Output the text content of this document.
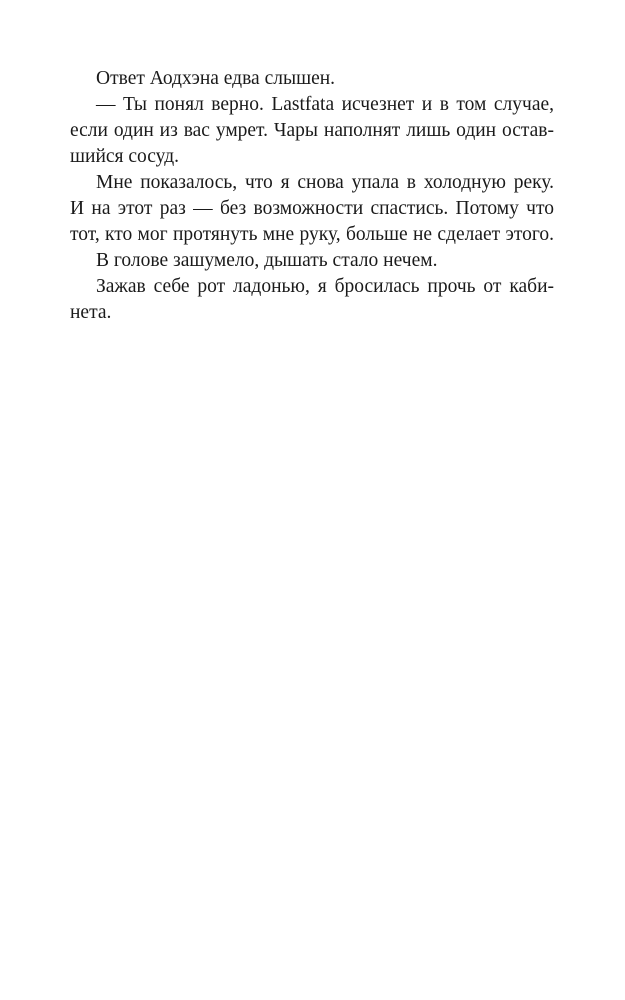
Ответ Аодхэна едва слышен.
— Ты понял верно. Lastfata исчезнет и в том случае,
если один из вас умрет. Чары наполнят лишь один остав-
шийся сосуд.
Мне показалось, что я снова упала в холодную реку.
И на этот раз — без возможности спастись. Потому что
тот, кто мог протянуть мне руку, больше не сделает этого.
В голове зашумело, дышать стало нечем.
Зажав себе рот ладонью, я бросилась прочь от каби-
нета.
